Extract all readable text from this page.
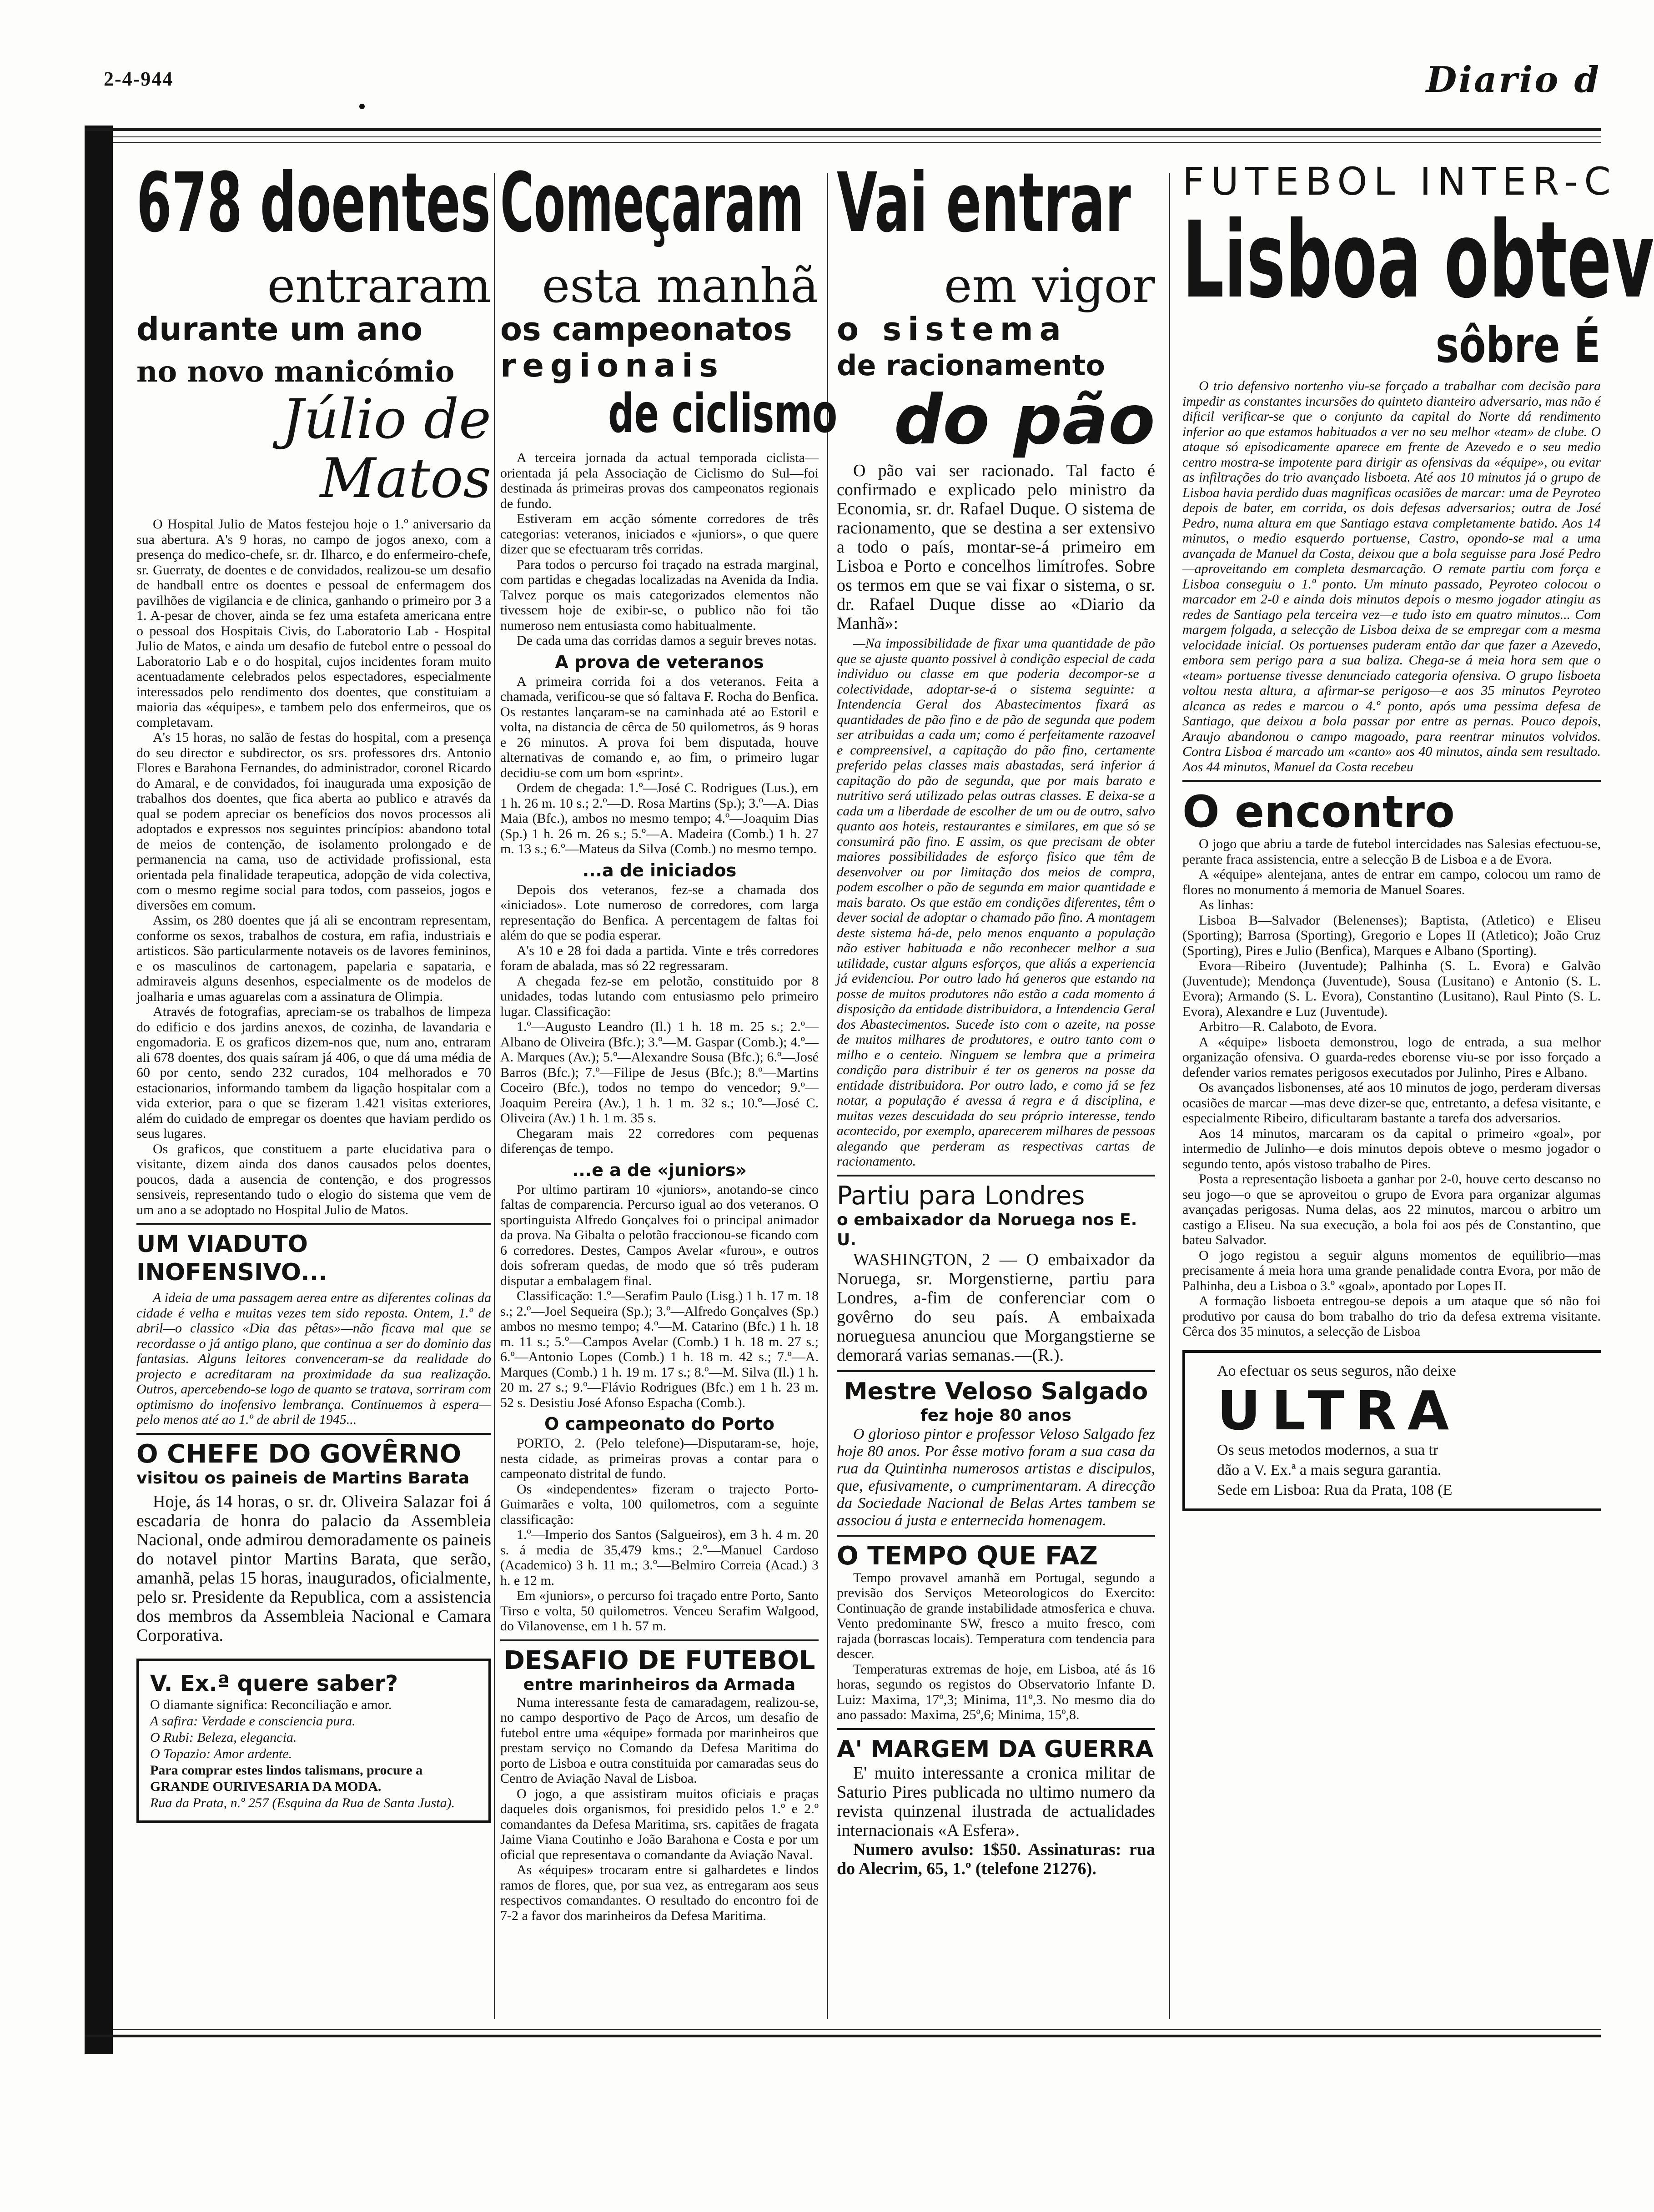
2-4-944	Diario d
678 doentes
entraram
durante um ano
no novo manicómio
Júlio de Matos

O Hospital Julio de Matos festejou hoje o 1.º aniversario da sua abertura. A's 9 horas, no campo de jogos anexo, com a presença do medico-chefe, sr. dr. Ilharco, e do enfermeiro-chefe, sr. Guerraty, de doentes e de convidados, realizou-se um desafio de handball entre os doentes e pessoal de enfermagem dos pavilhões de vigilancia e de clinica, ganhando o primeiro por 3 a 1. A-pesar de chover, ainda se fez uma estafeta americana entre o pessoal dos Hospitais Civis, do Laboratorio Lab - Hospital Julio de Matos, e ainda um desafio de futebol entre o pessoal do Laboratorio Lab e o do hospital, cujos incidentes foram muito acentuadamente celebrados pelos espectadores, especialmente interessados pelo rendimento dos doentes, que constituiam a maioria das «équipes», e tambem pelo dos enfermeiros, que os completavam.

A's 15 horas, no salão de festas do hospital, com a presença do seu director e subdirector, os srs. professores drs. Antonio Flores e Barahona Fernandes, do administrador, coronel Ricardo do Amaral, e de convidados, foi inaugurada uma exposição de trabalhos dos doentes, que fica aberta ao publico e através da qual se podem apreciar os benefícios dos novos processos ali adoptados e expressos nos seguintes princípios: abandono total de meios de contenção, de isolamento prolongado e de permanencia na cama, uso de actividade profissional, esta orientada pela finalidade terapeutica, adopção de vida colectiva, com o mesmo regime social para todos, com passeios, jogos e diversões em comum.

Assim, os 280 doentes que já ali se encontram representam, conforme os sexos, trabalhos de costura, em rafia, industriais e artisticos. São particularmente notaveis os de lavores femininos, e os masculinos de cartonagem, papelaria e sapataria, e admiraveis alguns desenhos, especialmente os de modelos de joalharia e umas aguarelas com a assinatura de Olimpia.

Através de fotografias, apreciam-se os trabalhos de limpeza do edificio e dos jardins anexos, de cozinha, de lavandaria e engomadoria. E os graficos dizem-nos que, num ano, entraram ali 678 doentes, dos quais saíram já 406, o que dá uma média de 60 por cento, sendo 232 curados, 104 melhorados e 70 estacionarios, informando tambem da ligação hospitalar com a vida exterior, para o que se fizeram 1.421 visitas exteriores, além do cuidado de empregar os doentes que haviam perdido os seus lugares.

Os graficos, que constituem a parte elucidativa para o visitante, dizem ainda dos danos causados pelos doentes, poucos, dada a ausencia de contenção, e dos progressos sensiveis, representando tudo o elogio do sistema que vem de um ano a se adoptado no Hospital Julio de Matos.

UM VIADUTO INOFENSIVO...
A ideia de uma passagem aerea entre as diferentes colinas da cidade é velha e muitas vezes tem sido reposta. Ontem, 1.º de abril—o classico «Dia das pêtas»—não ficava mal que se recordasse o já antigo plano, que continua a ser do dominio das fantasias. Alguns leitores convenceram-se da realidade do projecto e acreditaram na proximidade da sua realização. Outros, apercebendo-se logo de quanto se tratava, sorriram com optimismo do inofensivo lembrança. Continuemos à espera—pelo menos até ao 1.º de abril de 1945...
O CHEFE DO GOVÊRNO
visitou os paineis de Martins Barata
Hoje, ás 14 horas, o sr. dr. Oliveira Salazar foi á escadaria de honra do palacio da Assembleia Nacional, onde admirou demoradamente os paineis do notavel pintor Martins Barata, que serão, amanhã, pelas 15 horas, inaugurados, oficialmente, pelo sr. Presidente da Republica, com a assistencia dos membros da Assembleia Nacional e Camara Corporativa.
V. Ex.ª quere saber?

O diamante significa: Reconciliação e amor.

A safira: Verdade e consciencia pura.

O Rubi: Beleza, elegancia.

O Topazio: Amor ardente.

Para comprar estes lindos talismans, procure a GRANDE OURIVESARIA DA MODA.

Rua da Prata, n.º 257 (Esquina da Rua de Santa Justa).

Começaram
esta manhã
os campeonatos
regionais
de ciclismo

A terceira jornada da actual temporada ciclista—orientada já pela Associação de Ciclismo do Sul—foi destinada ás primeiras provas dos campeonatos regionais de fundo.

Estiveram em acção sómente corredores de três categorias: veteranos, iniciados e «juniors», o que quere dizer que se efectuaram três corridas.

Para todos o percurso foi traçado na estrada marginal, com partidas e chegadas localizadas na Avenida da India. Talvez porque os mais categorizados elementos não tivessem hoje de exibir-se, o publico não foi tão numeroso nem entusiasta como habitualmente.

De cada uma das corridas damos a seguir breves notas.

A prova de veteranos

A primeira corrida foi a dos veteranos. Feita a chamada, verificou-se que só faltava F. Rocha do Benfica. Os restantes lançaram-se na caminhada até ao Estoril e volta, na distancia de cêrca de 50 quilometros, ás 9 horas e 26 minutos. A prova foi bem disputada, houve alternativas de comando e, ao fim, o primeiro lugar decidiu-se com um bom «sprint».

Ordem de chegada: 1.º—José C. Rodrigues (Lus.), em 1 h. 26 m. 10 s.; 2.º—D. Rosa Martins (Sp.); 3.º—A. Dias Maia (Bfc.), ambos no mesmo tempo; 4.º—Joaquim Dias (Sp.) 1 h. 26 m. 26 s.; 5.º—A. Madeira (Comb.) 1 h. 27 m. 13 s.; 6.º—Mateus da Silva (Comb.) no mesmo tempo.

...a de iniciados

Depois dos veteranos, fez-se a chamada dos «iniciados». Lote numeroso de corredores, com larga representação do Benfica. A percentagem de faltas foi além do que se podia esperar.

A's 10 e 28 foi dada a partida. Vinte e três corredores foram de abalada, mas só 22 regressaram.

A chegada fez-se em pelotão, constituido por 8 unidades, todas lutando com entusiasmo pelo primeiro lugar. Classificação:

1.º—Augusto Leandro (Il.) 1 h. 18 m. 25 s.; 2.º—Albano de Oliveira (Bfc.); 3.º—M. Gaspar (Comb.); 4.º—A. Marques (Av.); 5.º—Alexandre Sousa (Bfc.); 6.º—José Barros (Bfc.); 7.º—Filipe de Jesus (Bfc.); 8.º—Martins Coceiro (Bfc.), todos no tempo do vencedor; 9.º—Joaquim Pereira (Av.), 1 h. 1 m. 32 s.; 10.º—José C. Oliveira (Av.) 1 h. 1 m. 35 s.

Chegaram mais 22 corredores com pequenas diferenças de tempo.

...e a de «juniors»

Por ultimo partiram 10 «juniors», anotando-se cinco faltas de comparencia. Percurso igual ao dos veteranos. O sportinguista Alfredo Gonçalves foi o principal animador da prova. Na Gibalta o pelotão fraccionou-se ficando com 6 corredores. Destes, Campos Avelar «furou», e outros dois sofreram quedas, de modo que só três puderam disputar a embalagem final.

Classificação: 1.º—Serafim Paulo (Lisg.) 1 h. 17 m. 18 s.; 2.º—Joel Sequeira (Sp.); 3.º—Alfredo Gonçalves (Sp.) ambos no mesmo tempo; 4.º—M. Catarino (Bfc.) 1 h. 18 m. 11 s.; 5.º—Campos Avelar (Comb.) 1 h. 18 m. 27 s.; 6.º—Antonio Lopes (Comb.) 1 h. 18 m. 42 s.; 7.º—A. Marques (Comb.) 1 h. 19 m. 17 s.; 8.º—M. Silva (Il.) 1 h. 20 m. 27 s.; 9.º—Flávio Rodrigues (Bfc.) em 1 h. 23 m. 52 s. Desistiu José Afonso Espacha (Comb.).

O campeonato do Porto

PORTO, 2. (Pelo telefone)—Disputaram-se, hoje, nesta cidade, as primeiras provas a contar para o campeonato distrital de fundo.

Os «independentes» fizeram o trajecto Porto-Guimarães e volta, 100 quilometros, com a seguinte classificação:

1.º—Imperio dos Santos (Salgueiros), em 3 h. 4 m. 20 s. á media de 35,479 kms.; 2.º—Manuel Cardoso (Academico) 3 h. 11 m.; 3.º—Belmiro Correia (Acad.) 3 h. e 12 m.

Em «juniors», o percurso foi traçado entre Porto, Santo Tirso e volta, 50 quilometros. Venceu Serafim Walgood, do Vilanovense, em 1 h. 57 m.

DESAFIO DE FUTEBOL
entre marinheiros da Armada

Numa interessante festa de camaradagem, realizou-se, no campo desportivo de Paço de Arcos, um desafio de futebol entre uma «équipe» formada por marinheiros que prestam serviço no Comando da Defesa Maritima do porto de Lisboa e outra constituida por camaradas seus do Centro de Aviação Naval de Lisboa.

O jogo, a que assistiram muitos oficiais e praças daqueles dois organismos, foi presidido pelos 1.º e 2.º comandantes da Defesa Maritima, srs. capitães de fragata Jaime Viana Coutinho e João Barahona e Costa e por um oficial que representava o comandante da Aviação Naval.

As «équipes» trocaram entre si galhardetes e lindos ramos de flores, que, por sua vez, as entregaram aos seus respectivos comandantes. O resultado do encontro foi de 7-2 a favor dos marinheiros da Defesa Maritima.

Vai entrar
em vigor
o sistema
de racionamento
do pão
O pão vai ser racionado. Tal facto é confirmado e explicado pelo ministro da Economia, sr. dr. Rafael Duque. O sistema de racionamento, que se destina a ser extensivo a todo o país, montar-se-á primeiro em Lisboa e Porto e concelhos limítrofes. Sobre os termos em que se vai fixar o sistema, o sr. dr. Rafael Duque disse ao «Diario da Manhã»:
—Na impossibilidade de fixar uma quantidade de pão que se ajuste quanto possivel à condição especial de cada individuo ou classe em que poderia decompor-se a colectividade, adoptar-se-á o sistema seguinte: a Intendencia Geral dos Abastecimentos fixará as quantidades de pão fino e de pão de segunda que podem ser atribuidas a cada um; como é perfeitamente razoavel e compreensivel, a capitação do pão fino, certamente preferido pelas classes mais abastadas, será inferior á capitação do pão de segunda, que por mais barato e nutritivo será utilizado pelas outras classes. E deixa-se a cada um a liberdade de escolher de um ou de outro, salvo quanto aos hoteis, restaurantes e similares, em que só se consumirá pão fino. E assim, os que precisam de obter maiores possibilidades de esforço fisico que têm de desenvolver ou por limitação dos meios de compra, podem escolher o pão de segunda em maior quantidade e mais barato. Os que estão em condições diferentes, têm o dever social de adoptar o chamado pão fino. A montagem deste sistema há-de, pelo menos enquanto a população não estiver habituada e não reconhecer melhor a sua utilidade, custar alguns esforços, que aliás a experiencia já evidenciou. Por outro lado há generos que estando na posse de muitos produtores não estão a cada momento á disposição da entidade distribuidora, a Intendencia Geral dos Abastecimentos. Sucede isto com o azeite, na posse de muitos milhares de produtores, e outro tanto com o milho e o centeio. Ninguem se lembra que a primeira condição para distribuir é ter os generos na posse da entidade distribuidora. Por outro lado, e como já se fez notar, a população é avessa á regra e á disciplina, e muitas vezes descuidada do seu próprio interesse, tendo acontecido, por exemplo, aparecerem milhares de pessoas alegando que perderam as respectivas cartas de racionamento.
Partiu para Londres
o embaixador da Noruega nos E. U.
WASHINGTON, 2 — O embaixador da Noruega, sr. Morgenstierne, partiu para Londres, a-fim de conferenciar com o govêrno do seu país. A embaixada norueguesa anunciou que Morgangstierne se demorará varias semanas.—(R.).
Mestre Veloso Salgado
fez hoje 80 anos
O glorioso pintor e professor Veloso Salgado fez hoje 80 anos. Por êsse motivo foram a sua casa da rua da Quintinha numerosos artistas e discipulos, que, efusivamente, o cumprimentaram. A direcção da Sociedade Nacional de Belas Artes tambem se associou á justa e enternecida homenagem.
O TEMPO QUE FAZ

Tempo provavel amanhã em Portugal, segundo a previsão dos Serviços Meteorologicos do Exercito: Continuação de grande instabilidade atmosferica e chuva. Vento predominante SW, fresco a muito fresco, com rajada (borrascas locais). Temperatura com tendencia para descer.

Temperaturas extremas de hoje, em Lisboa, até ás 16 horas, segundo os registos do Observatorio Infante D. Luiz: Maxima, 17º,3; Minima, 11º,3. No mesmo dia do ano passado: Maxima, 25º,6; Minima, 15º,8.

A' MARGEM DA GUERRA
E' muito interessante a cronica militar de Saturio Pires publicada no ultimo numero da revista quinzenal ilustrada de actualidades internacionais «A Esfera».
Numero avulso: 1$50. Assinaturas: rua do Alecrim, 65, 1.º (telefone 21276).
FUTEBOL INTER-C
Lisboa obtev
sôbre É
O trio defensivo nortenho viu-se forçado a trabalhar com decisão para impedir as constantes incursões do quinteto dianteiro adversario, mas não é dificil verificar-se que o conjunto da capital do Norte dá rendimento inferior ao que estamos habituados a ver no seu melhor «team» de clube. O ataque só episodicamente aparece em frente de Azevedo e o seu medio centro mostra-se impotente para dirigir as ofensivas da «équipe», ou evitar as infiltrações do trio avançado lisboeta. Até aos 10 minutos já o grupo de Lisboa havia perdido duas magnificas ocasiões de marcar: uma de Peyroteo depois de bater, em corrida, os dois defesas adversarios; outra de José Pedro, numa altura em que Santiago estava completamente batido. Aos 14 minutos, o medio esquerdo portuense, Castro, opondo-se mal a uma avançada de Manuel da Costa, deixou que a bola seguisse para José Pedro—aproveitando em completa desmarcação. O remate partiu com força e Lisboa conseguiu o 1.º ponto. Um minuto passado, Peyroteo colocou o marcador em 2-0 e ainda dois minutos depois o mesmo jogador atingiu as redes de Santiago pela terceira vez—e tudo isto em quatro minutos... Com margem folgada, a selecção de Lisboa deixa de se empregar com a mesma velocidade inicial. Os portuenses puderam então dar que fazer a Azevedo, embora sem perigo para a sua baliza. Chega-se á meia hora sem que o «team» portuense tivesse denunciado categoria ofensiva. O grupo lisboeta voltou nesta altura, a afirmar-se perigoso—e aos 35 minutos Peyroteo alcanca as redes e marcou o 4.º ponto, após uma pessima defesa de Santiago, que deixou a bola passar por entre as pernas. Pouco depois, Araujo abandonou o campo magoado, para reentrar minutos volvidos. Contra Lisboa é marcado um «canto» aos 40 minutos, ainda sem resultado. Aos 44 minutos, Manuel da Costa recebeu
O encontro

O jogo que abriu a tarde de futebol intercidades nas Salesias efectuou-se, perante fraca assistencia, entre a selecção B de Lisboa e a de Evora.

A «équipe» alentejana, antes de entrar em campo, colocou um ramo de flores no monumento á memoria de Manuel Soares.

As linhas:

Lisboa B—Salvador (Belenenses); Baptista, (Atletico) e Eliseu (Sporting); Barrosa (Sporting), Gregorio e Lopes II (Atletico); João Cruz (Sporting), Pires e Julio (Benfica), Marques e Albano (Sporting).

Evora—Ribeiro (Juventude); Palhinha (S. L. Evora) e Galvão (Juventude); Mendonça (Juventude), Sousa (Lusitano) e Antonio (S. L. Evora); Armando (S. L. Evora), Constantino (Lusitano), Raul Pinto (S. L. Evora), Alexandre e Luz (Juventude).

Arbitro—R. Calaboto, de Evora.

A «équipe» lisboeta demonstrou, logo de entrada, a sua melhor organização ofensiva. O guarda-redes eborense viu-se por isso forçado a defender varios remates perigosos executados por Julinho, Pires e Albano.

Os avançados lisbonenses, até aos 10 minutos de jogo, perderam diversas ocasiões de marcar —mas deve dizer-se que, entretanto, a defesa visitante, e especialmente Ribeiro, dificultaram bastante a tarefa dos adversarios.

Aos 14 minutos, marcaram os da capital o primeiro «goal», por intermedio de Julinho—e dois minutos depois obteve o mesmo jogador o segundo tento, após vistoso trabalho de Pires.

Posta a representação lisboeta a ganhar por 2-0, houve certo descanso no seu jogo—o que se aproveitou o grupo de Evora para organizar algumas avançadas perigosas. Numa delas, aos 22 minutos, marcou o arbitro um castigo a Eliseu. Na sua execução, a bola foi aos pés de Constantino, que bateu Salvador.

O jogo registou a seguir alguns momentos de equilibrio—mas precisamente á meia hora uma grande penalidade contra Evora, por mão de Palhinha, deu a Lisboa o 3.º «goal», apontado por Lopes II.

A formação lisboeta entregou-se depois a um ataque que só não foi produtivo por causa do bom trabalho do trio da defesa extrema visitante. Cêrca dos 35 minutos, a selecção de Lisboa

Ao efectuar os seus seguros, não deixe
ULTRA
Os seus metodos modernos, a sua tr
dão a V. Ex.ª a mais segura garantia.
Sede em Lisboa: Rua da Prata, 108 (E
